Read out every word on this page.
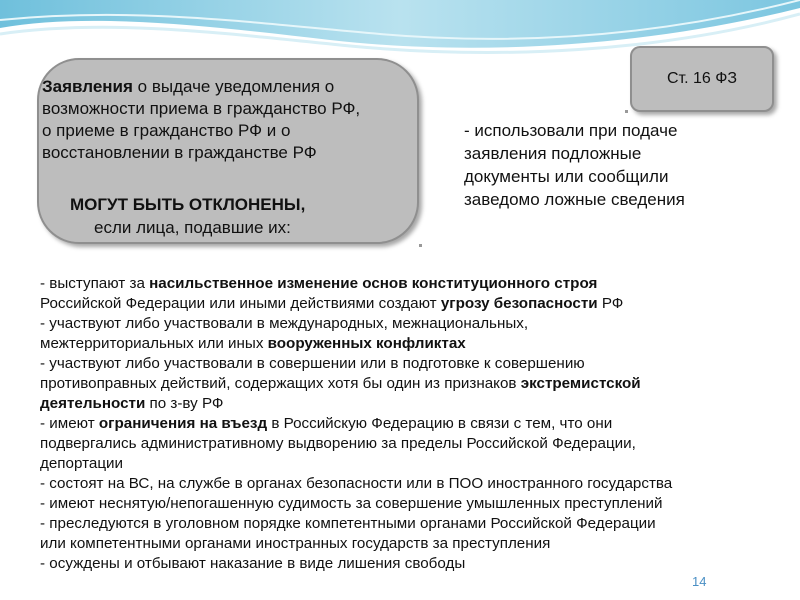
Заявления о выдаче уведомления о
возможности приема в гражданство РФ,
о приеме в гражданство РФ и о
восстановлении в гражданстве РФ
МОГУТ БЫТЬ ОТКЛОНЕНЫ,
если лица, подавшие их:
Ст. 16 ФЗ
- использовали при подаче
заявления подложные
документы или сообщили
заведомо ложные сведения
- выступают за насильственное изменение основ конституционного строя
Российской Федерации или иными действиями создают угрозу безопасности РФ
- участвуют либо участвовали в международных, межнациональных,
межтерриториальных или иных вооруженных конфликтах
- участвуют либо участвовали в совершении или в подготовке к совершению
противоправных действий, содержащих хотя бы один из признаков экстремистской
деятельности по з-ву РФ
- имеют ограничения на въезд в Российскую Федерацию в связи с тем, что они
подвергались административному выдворению за пределы Российской Федерации,
депортации
- состоят на ВС, на службе в органах безопасности или в ПОО иностранного государства
- имеют неснятую/непогашенную судимость за совершение умышленных преступлений
- преследуются в уголовном порядке компетентными органами Российской Федерации
или компетентными органами иностранных государств за преступления
- осуждены и отбывают наказание в виде лишения свободы
14
